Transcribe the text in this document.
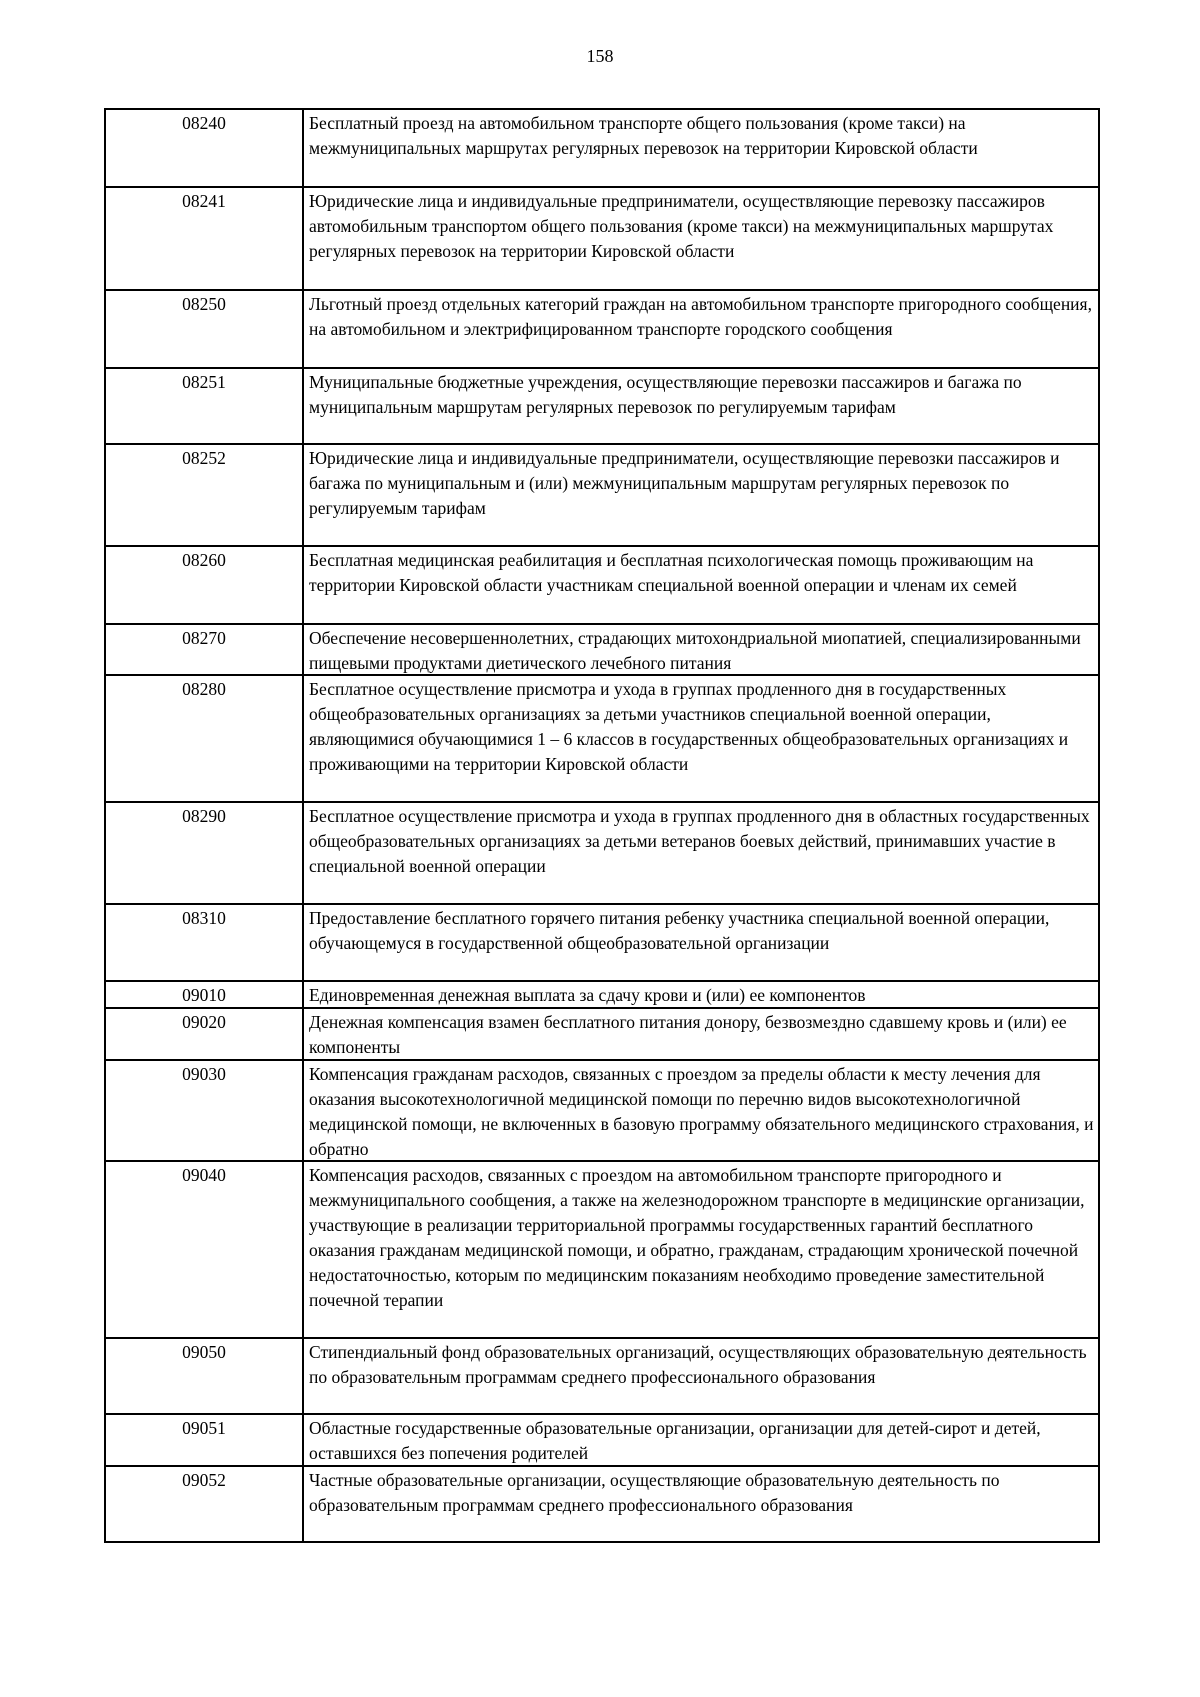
158
08240	Бесплатный проезд на автомобильном транспорте общего пользования (кроме такси) на межмуниципальных маршрутах регулярных перевозок на территории Кировской области
08241	Юридические лица и индивидуальные предприниматели, осуществляющие перевозку пассажиров автомобильным транспортом общего пользования (кроме такси) на межмуниципальных маршрутах регулярных перевозок на территории Кировской области
08250	Льготный проезд отдельных категорий граждан на автомобильном транспорте пригородного сообщения, на автомобильном и электрифицированном транспорте городского сообщения
08251	Муниципальные бюджетные учреждения, осуществляющие перевозки пассажиров и багажа по муниципальным маршрутам регулярных перевозок по регулируемым тарифам
08252	Юридические лица и индивидуальные предприниматели, осуществляющие перевозки пассажиров и багажа по муниципальным и (или) межмуниципальным маршрутам регулярных перевозок по регулируемым тарифам
08260	Бесплатная медицинская реабилитация и бесплатная психологическая помощь проживающим на территории Кировской области участникам специальной военной операции и членам их семей
08270	Обеспечение несовершеннолетних, страдающих митохондриальной миопатией, специализированными пищевыми продуктами диетического лечебного питания
08280	Бесплатное осуществление присмотра и ухода в группах продленного дня в государственных общеобразовательных организациях за детьми участников специальной военной операции, являющимися обучающимися 1 – 6 классов в государственных общеобразовательных организациях и проживающими на территории Кировской области
08290	Бесплатное осуществление присмотра и ухода в группах продленного дня в областных государственных общеобразовательных организациях за детьми ветеранов боевых действий, принимавших участие в специальной военной операции
08310	Предоставление бесплатного горячего питания ребенку участника специальной военной операции, обучающемуся в государственной общеобразовательной организации
09010	Единовременная денежная выплата за сдачу крови и (или) ее компонентов
09020	Денежная компенсация взамен бесплатного питания донору, безвозмездно сдавшему кровь и (или) ее компоненты
09030	Компенсация гражданам расходов, связанных с проездом за пределы области к месту лечения для оказания высокотехнологичной медицинской помощи по перечню видов высокотехнологичной медицинской помощи, не включенных в базовую программу обязательного медицинского страхования, и обратно
09040	Компенсация расходов, связанных с проездом на автомобильном транспорте пригородного и межмуниципального сообщения, а также на железнодорожном транспорте в медицинские организации, участвующие в реализации территориальной программы государственных гарантий бесплатного оказания гражданам медицинской помощи, и обратно, гражданам, страдающим хронической почечной недостаточностью, которым по медицинским показаниям необходимо проведение заместительной почечной терапии
09050	Стипендиальный фонд образовательных организаций, осуществляющих образовательную деятельность по образовательным программам среднего профессионального образования
09051	Областные государственные образовательные организации, организации для детей-сирот и детей, оставшихся без попечения родителей
09052	Частные образовательные организации, осуществляющие образовательную деятельность по образовательным программам среднего профессионального образования
